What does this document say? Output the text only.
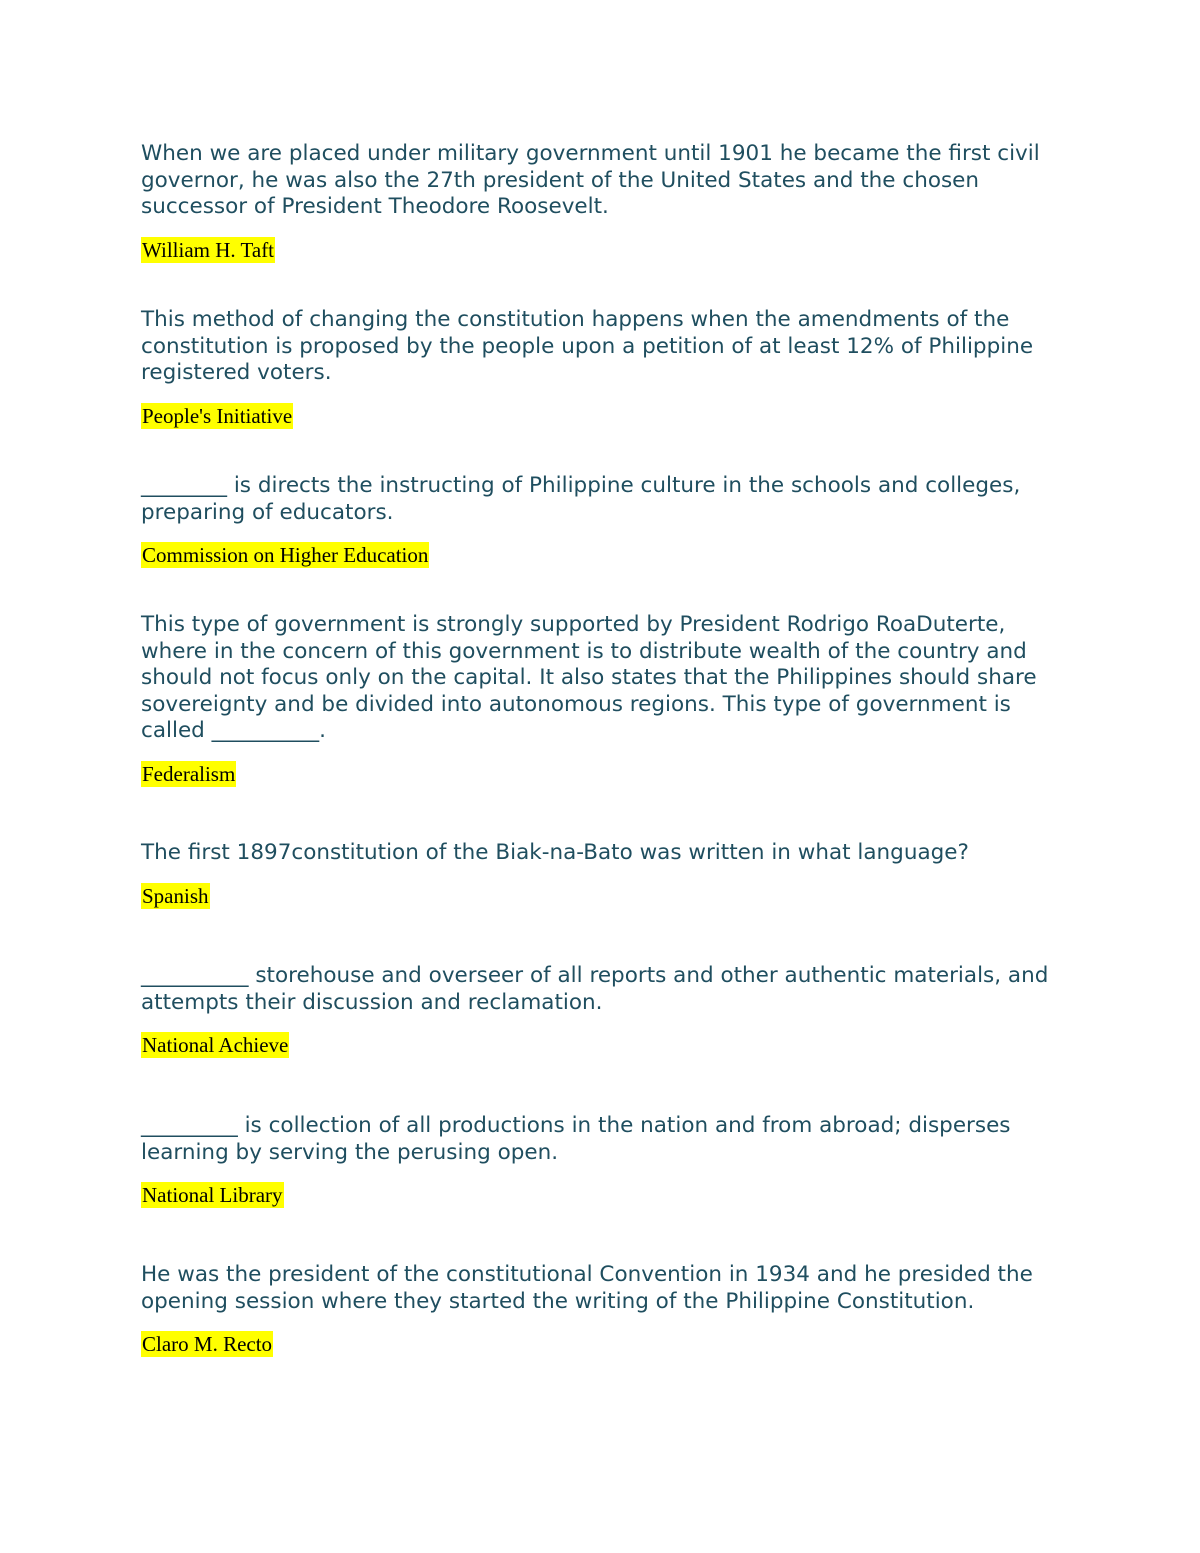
When we are placed under military government until 1901 he became the first civil governor, he was also the 27th president of the United States and the chosen successor of President Theodore Roosevelt.

William H. Taft

This method of changing the constitution happens when the amendments of the constitution is proposed by the people upon a petition of at least 12% of Philippine registered voters.

People's Initiative

________ is directs the instructing of Philippine culture in the schools and colleges, preparing of educators.

Commission on Higher Education

This type of government is strongly supported by President Rodrigo RoaDuterte, where in the concern of this government is to distribute wealth of the country and should not focus only on the capital. It also states that the Philippines should share sovereignty and be divided into autonomous regions. This type of government is called __________.

Federalism

The first 1897constitution of the Biak-na-Bato was written in what language?

Spanish

__________ storehouse and overseer of all reports and other authentic materials, and attempts their discussion and reclamation.

National Achieve

_________ is collection of all productions in the nation and from abroad; disperses learning by serving the perusing open.

National Library

He was the president of the constitutional Convention in 1934 and he presided the opening session where they started the writing of the Philippine Constitution.

Claro M. Recto
